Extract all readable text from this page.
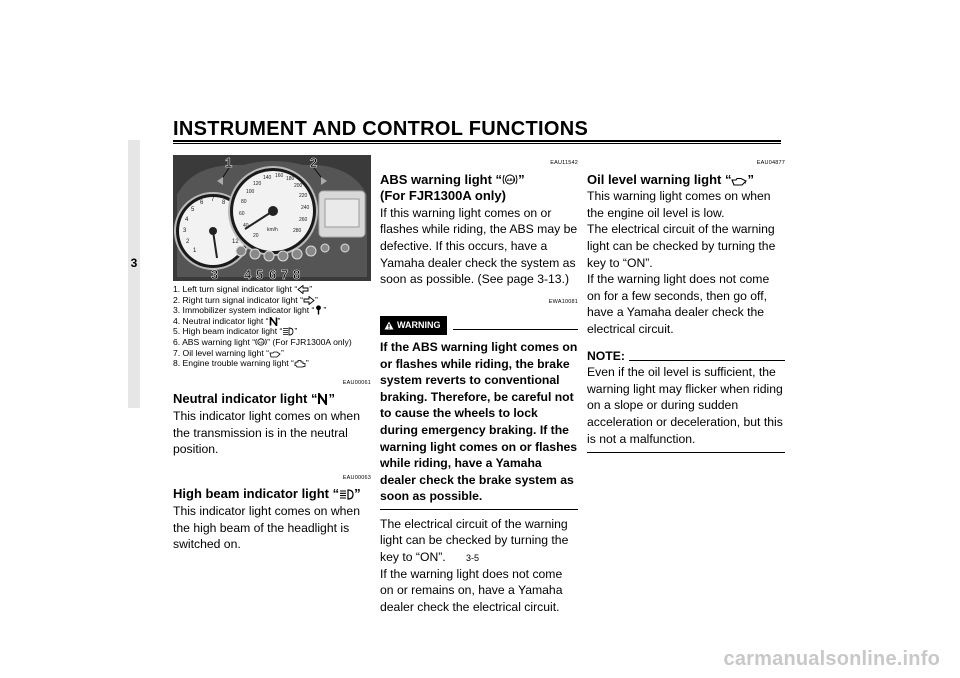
INSTRUMENT AND CONTROL FUNCTIONS
3
1
2
3
4
5
6 7 8
12
20
40
60
80
100
120
140 160 180
200
220
240
260
280
km/h
1	2
3 4 5 6 7 8
1. Left turn signal indicator light “ ”
2. Right turn signal indicator light “ ”
3. Immobilizer system indicator light “ ”
4. Neutral indicator light “ ”
5. High beam indicator light “ ”
6. ABS warning light “ ABS ” (For FJR1300A only)
7. Oil level warning light “ ”
8. Engine trouble warning light “ ”
EAU00061
Neutral indicator light “ ”
This indicator light comes on when the transmission is in the neutral position.
EAU00063
High beam indicator light “ ”
This indicator light comes on when the high beam of the headlight is switched on.
EAU11542
ABS warning light “ ABS ”
(For FJR1300A only)
If this warning light comes on or flashes while riding, the ABS may be defective. If this occurs, have a Yamaha dealer check the system as soon as possible. (See page 3-13.)
EWA10081
WARNING
If the ABS warning light comes on or flashes while riding, the brake system reverts to conventional braking. Therefore, be careful not to cause the wheels to lock during emergency braking. If the warning light comes on or flashes while riding, have a Yamaha dealer check the brake system as soon as possible.
The electrical circuit of the warning light can be checked by turning the key to “ON”.
If the warning light does not come on or remains on, have a Yamaha dealer check the electrical circuit.
EAU04877
Oil level warning light “ ”
This warning light comes on when the engine oil level is low.
The electrical circuit of the warning light can be checked by turning the key to “ON”.
If the warning light does not come on for a few seconds, then go off, have a Yamaha dealer check the electrical circuit.
NOTE:
Even if the oil level is sufficient, the warning light may flicker when riding on a slope or during sudden acceleration or deceleration, but this is not a malfunction.
3-5
carmanualsonline.info
